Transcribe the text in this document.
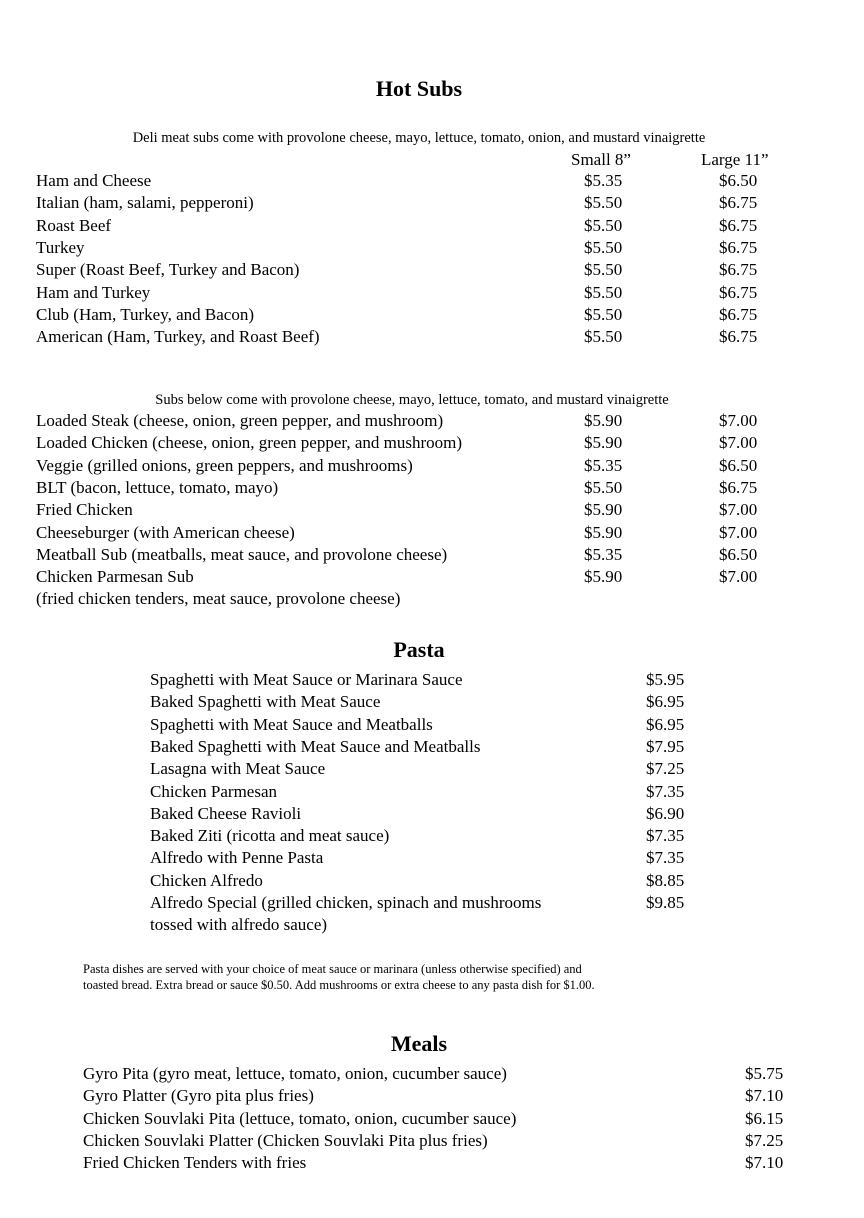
Hot Subs
Deli meat subs come with provolone cheese, mayo, lettuce, tomato, onion, and mustard vinaigrette
Small 8”	Large 11”
Ham and Cheese	$5.35	$6.50
Italian (ham, salami, pepperoni)	$5.50	$6.75
Roast Beef	$5.50	$6.75
Turkey	$5.50	$6.75
Super (Roast Beef, Turkey and Bacon)	$5.50	$6.75
Ham and Turkey	$5.50	$6.75
Club (Ham, Turkey, and Bacon)	$5.50	$6.75
American (Ham, Turkey, and Roast Beef)	$5.50	$6.75
Subs below come with provolone cheese, mayo, lettuce, tomato, and mustard vinaigrette
Loaded Steak (cheese, onion, green pepper, and mushroom)	$5.90	$7.00
Loaded Chicken (cheese, onion, green pepper, and mushroom)	$5.90	$7.00
Veggie (grilled onions, green peppers, and mushrooms)	$5.35	$6.50
BLT (bacon, lettuce, tomato, mayo)	$5.50	$6.75
Fried Chicken	$5.90	$7.00
Cheeseburger (with American cheese)	$5.90	$7.00
Meatball Sub (meatballs, meat sauce, and provolone cheese)	$5.35	$6.50
Chicken Parmesan Sub	$5.90	$7.00
(fried chicken tenders, meat sauce, provolone cheese)
Pasta
Spaghetti with Meat Sauce or Marinara Sauce	$5.95
Baked Spaghetti with Meat Sauce	$6.95
Spaghetti with Meat Sauce and Meatballs	$6.95
Baked Spaghetti with Meat Sauce and Meatballs	$7.95
Lasagna with Meat Sauce	$7.25
Chicken Parmesan	$7.35
Baked Cheese Ravioli	$6.90
Baked Ziti (ricotta and meat sauce)	$7.35
Alfredo with Penne Pasta	$7.35
Chicken Alfredo	$8.85
Alfredo Special (grilled chicken, spinach and mushrooms	$9.85
tossed with alfredo sauce)
Pasta dishes are served with your choice of meat sauce or marinara (unless otherwise specified) and
toasted bread. Extra bread or sauce $0.50. Add mushrooms or extra cheese to any pasta dish for $1.00.
Meals
Gyro Pita (gyro meat, lettuce, tomato, onion, cucumber sauce)	$5.75
Gyro Platter (Gyro pita plus fries)	$7.10
Chicken Souvlaki Pita (lettuce, tomato, onion, cucumber sauce)	$6.15
Chicken Souvlaki Platter (Chicken Souvlaki Pita plus fries)	$7.25
Fried Chicken Tenders with fries	$7.10
